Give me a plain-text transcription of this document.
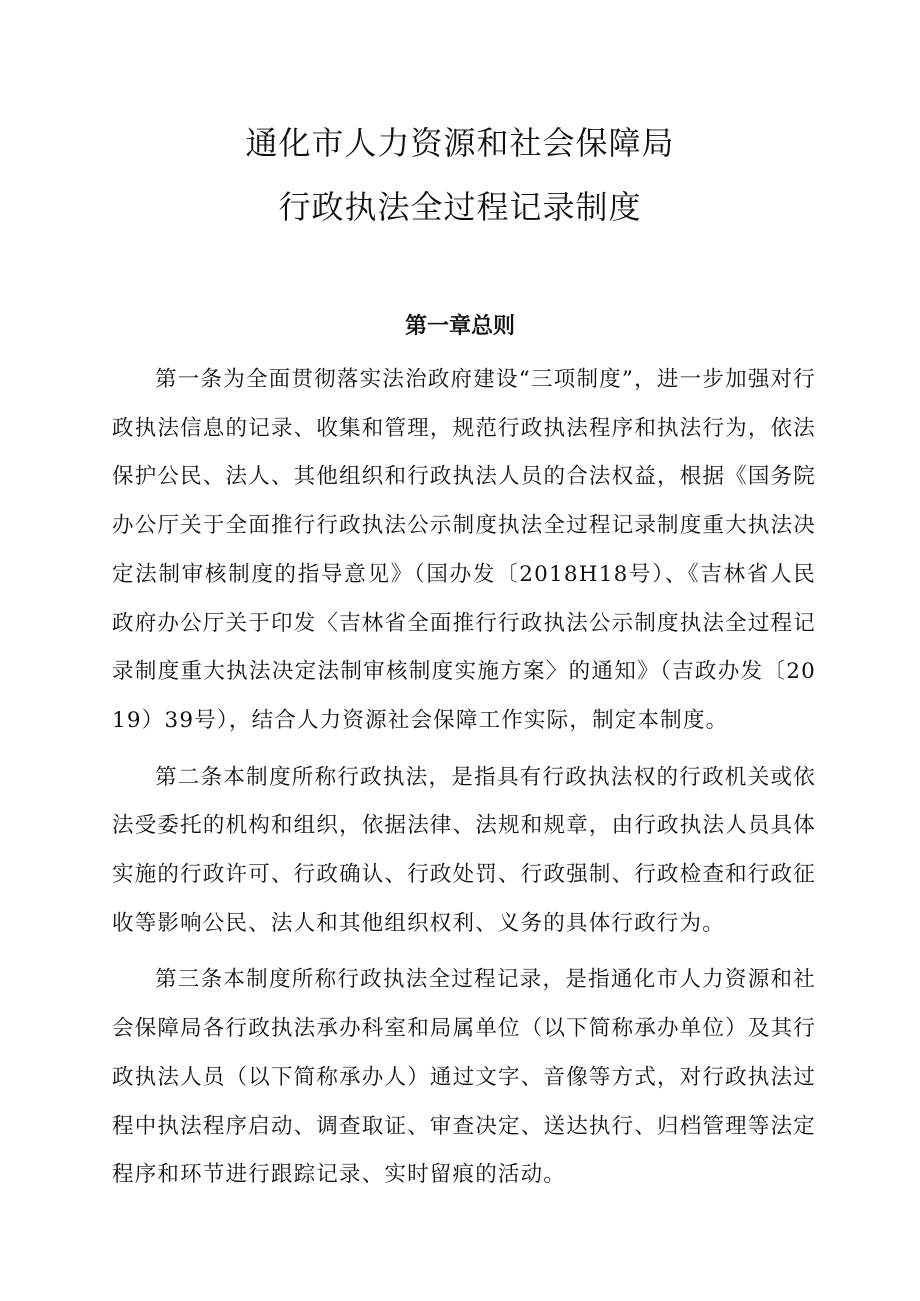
通化市人力资源和社会保障局
行政执法全过程记录制度
第一章总则

第一条为全面贯彻落实法治政府建设“三项制度”，进一步加强对行政执法信息的记录、收集和管理，规范行政执法程序和执法行为，依法保护公民、法人、其他组织和行政执法人员的合法权益，根据《国务院办公厅关于全面推行行政执法公示制度执法全过程记录制度重大执法决定法制审核制度的指导意见》（国办发〔2018H18号）、《吉林省人民政府办公厅关于印发〈吉林省全面推行行政执法公示制度执法全过程记录制度重大执法决定法制审核制度实施方案〉的通知》（吉政办发〔2019）39号），结合人力资源社会保障工作实际，制定本制度。

第二条本制度所称行政执法，是指具有行政执法权的行政机关或依法受委托的机构和组织，依据法律、法规和规章，由行政执法人员具体实施的行政许可、行政确认、行政处罚、行政强制、行政检查和行政征收等影响公民、法人和其他组织权利、义务的具体行政行为。

第三条本制度所称行政执法全过程记录，是指通化市人力资源和社会保障局各行政执法承办科室和局属单位（以下简称承办单位）及其行政执法人员（以下简称承办人）通过文字、音像等方式，对行政执法过程中执法程序启动、调查取证、审查决定、送达执行、归档管理等法定程序和环节进行跟踪记录、实时留痕的活动。
